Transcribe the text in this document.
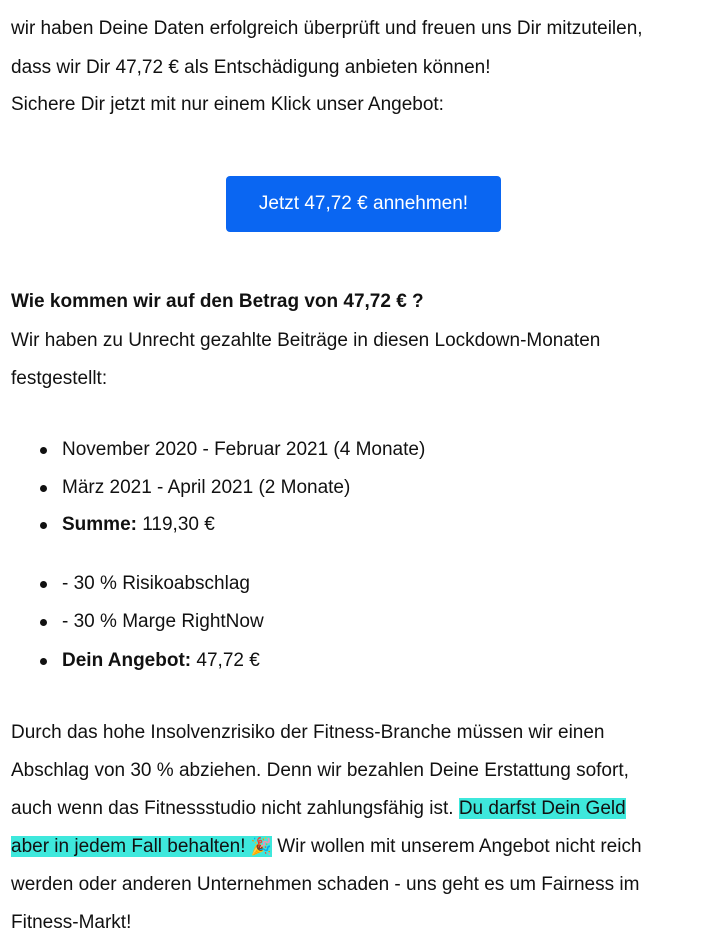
wir haben Deine Daten erfolgreich überprüft und freuen uns Dir mitzuteilen,
dass wir Dir 47,72 € als Entschädigung anbieten können!
Sichere Dir jetzt mit nur einem Klick unser Angebot:
Jetzt 47,72 € annehmen!
Wie kommen wir auf den Betrag von 47,72 € ?
Wir haben zu Unrecht gezahlte Beiträge in diesen Lockdown-Monaten
festgestellt:
November 2020 - Februar 2021 (4 Monate)
März 2021 - April 2021 (2 Monate)
Summe: 119,30 €
- 30 % Risikoabschlag
- 30 % Marge RightNow
Dein Angebot: 47,72 €
Durch das hohe Insolvenzrisiko der Fitness-Branche müssen wir einen
Abschlag von 30 % abziehen. Denn wir bezahlen Deine Erstattung sofort,
auch wenn das Fitnessstudio nicht zahlungsfähig ist. Du darfst Dein Geld
aber in jedem Fall behalten! 🎉 Wir wollen mit unserem Angebot nicht reich
werden oder anderen Unternehmen schaden - uns geht es um Fairness im
Fitness-Markt!
